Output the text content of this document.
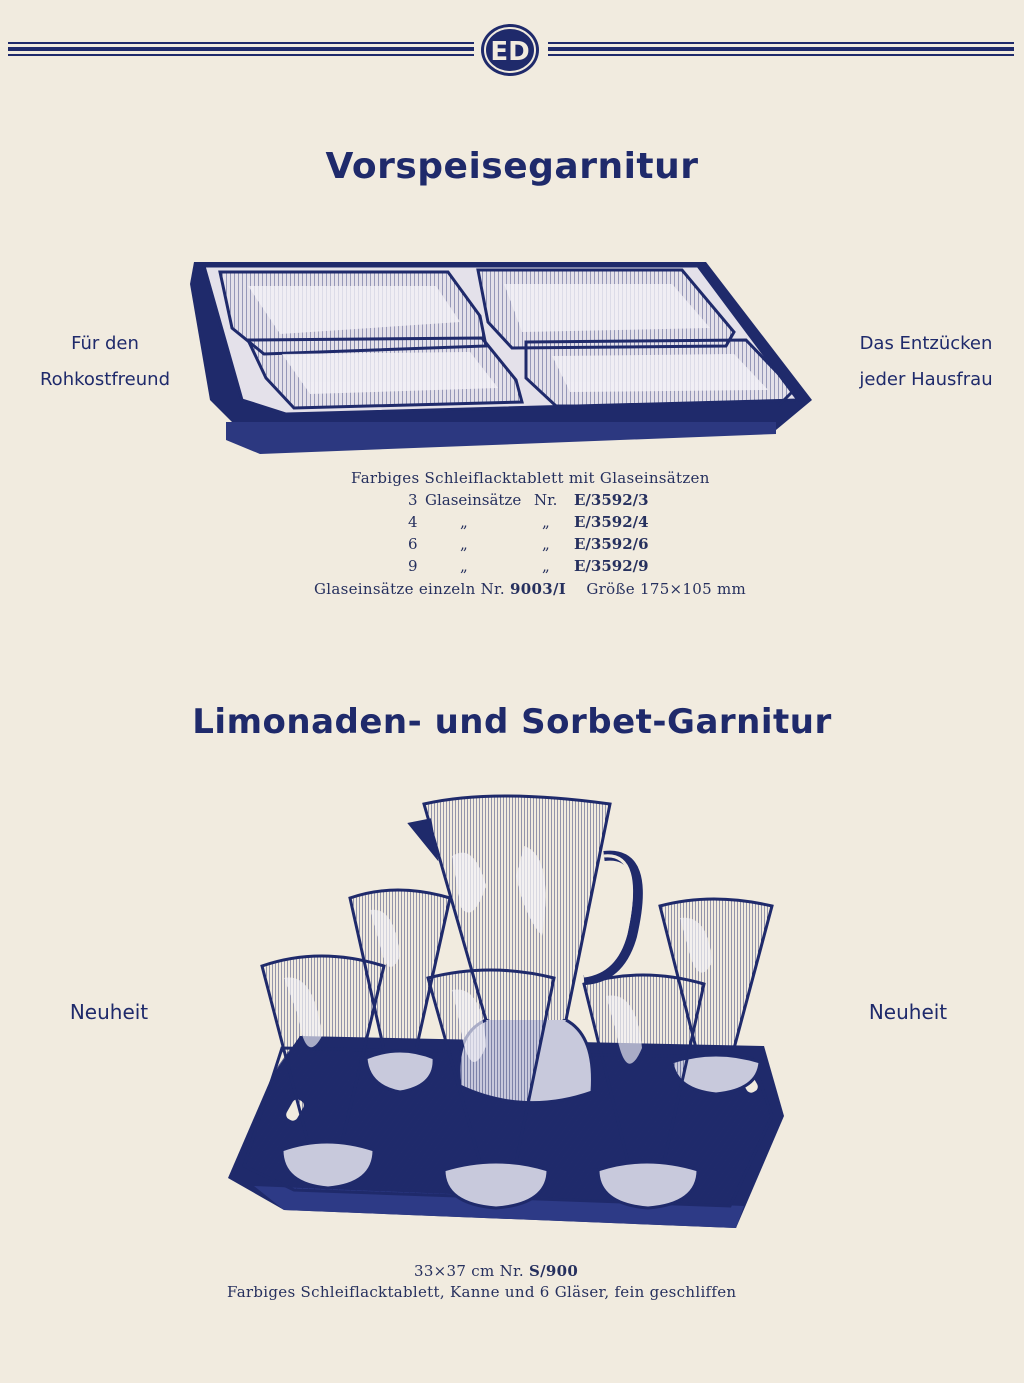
ED
Vorspeisegarnitur
Für den
Rohkostfreund
Das Entzücken
jeder Hausfrau
Farbiges Schleiflacktablett mit Glaseinsätzen
3 Glaseinsätze Nr. E/3592/3
4	„	„ E/3592/4
6	„	„ E/3592/6
9	„	„ E/3592/9
Glaseinsätze einzeln Nr. 9003/I Größe 175×105 mm
Limonaden- und Sorbet-Garnitur
Neuheit	Neuheit
33×37 cm Nr. S/900
Farbiges Schleiflacktablett, Kanne und 6 Gläser, fein geschliffen
